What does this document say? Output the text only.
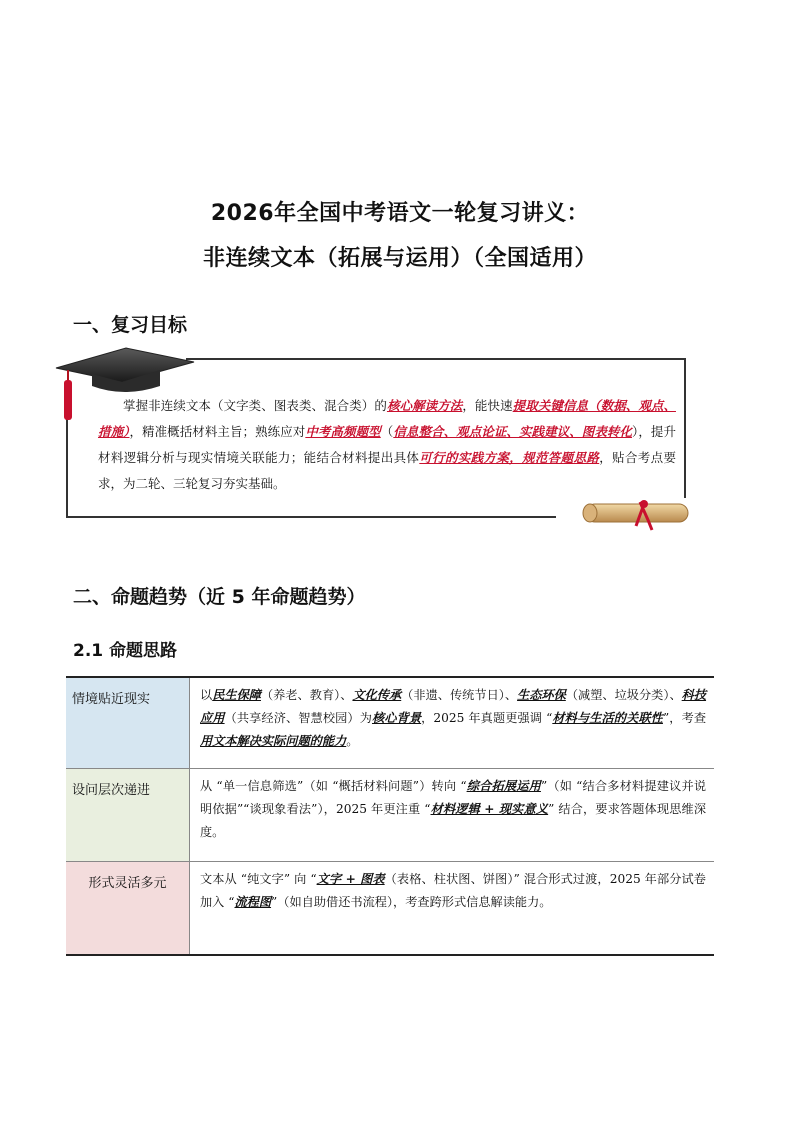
2026年全国中考语文一轮复习讲义：
非连续文本（拓展与运用）（全国适用）
一、复习目标
掌握非连续文本（文字类、图表类、混合类）的核心解读方法，能快速提取关键信息（数据、观点、措施），精准概括材料主旨；熟练应对中考高频题型（信息整合、观点论证、实践建议、图表转化），提升材料逻辑分析与现实情境关联能力；能结合材料提出具体可行的实践方案，规范答题思路，贴合考点要求，为二轮、三轮复习夯实基础。
二、命题趋势（近 5 年命题趋势）
2.1 命题思路
情境贴近现实	以民生保障（养老、教育）、文化传承（非遗、传统节日）、生态环保（减塑、垃圾分类）、科技应用（共享经济、智慧校园）为核心背景，2025 年真题更强调 “材料与生活的关联性”，考查用文本解决实际问题的能力。
设问层次递进	从 “单一信息筛选”（如 “概括材料问题”）转向 “综合拓展运用”（如 “结合多材料提建议并说明依据”“谈现象看法”），2025 年更注重 “材料逻辑 + 现实意义” 结合，要求答题体现思维深度。
形式灵活多元	文本从 “纯文字” 向 “文字 + 图表（表格、柱状图、饼图）” 混合形式过渡，2025 年部分试卷加入 “流程图”（如自助借还书流程），考查跨形式信息解读能力。
